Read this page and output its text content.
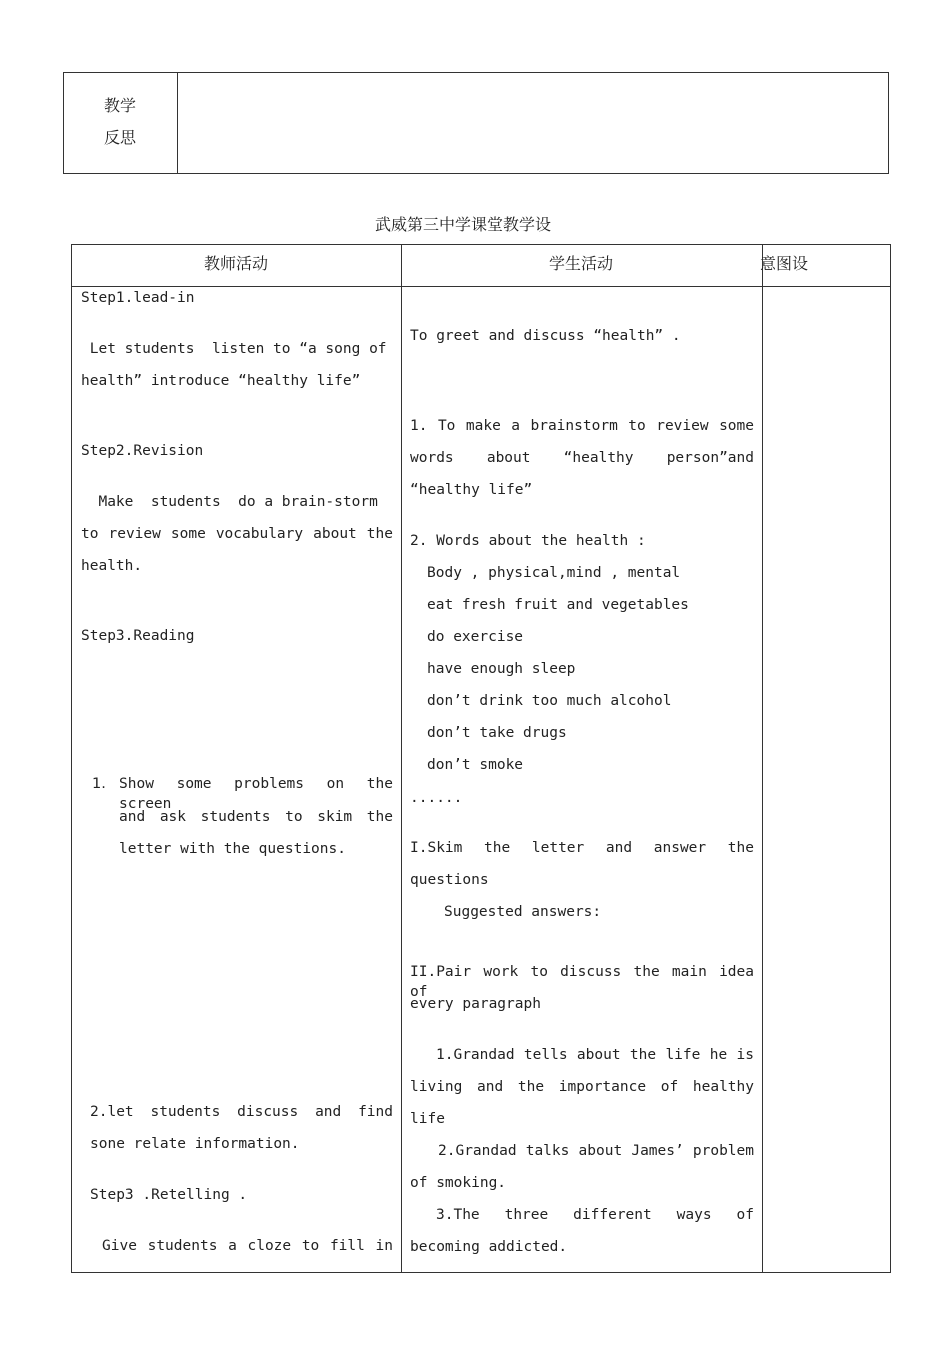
教学
反思
武威第三中学课堂教学设
教师活动	学生活动	意图设
Step1.lead-in
Let students  listen to “a song of
health” introduce “healthy life”
Step2.Revision
Make  students  do a brain-storm
to review some vocabulary about the
health.
Step3.Reading
1. Show some problems on the screen
and ask students to skim the
letter with the questions.
2.let students discuss and find
sone relate information.
Step3 .Retelling .
Give students a cloze to fill in
To greet and discuss “health” .
1. To make a brainstorm to review some
words about “healthy person”and
“healthy life”
2. Words about the health :
Body , physical,mind , mental
eat fresh fruit and vegetables
do exercise
have enough sleep
don’t drink too much alcohol
don’t take drugs
don’t smoke
......
I.Skim the letter and answer the
questions
Suggested answers:
II.Pair work to discuss the main idea of
every paragraph
1.Grandad tells about the life he is
living and the importance of healthy
life
2.Grandad talks about James’ problem
of smoking.
3.The three different ways of
becoming addicted.
